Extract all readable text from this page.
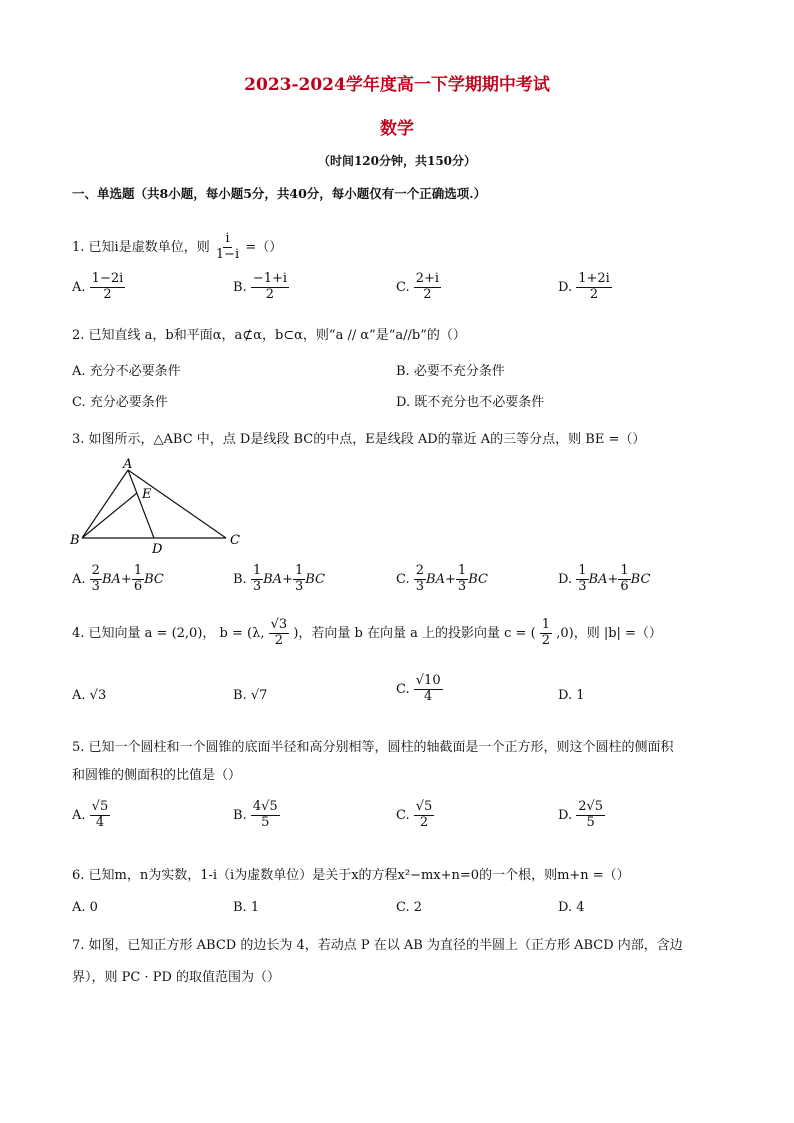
2023-2024学年度高一下学期期中考试
数学
（时间120分钟，共150分）
一、单选题（共8小题，每小题5分，共40分，每小题仅有一个正确选项.）
1. 已知i是虚数单位，则 $\frac{i}{1-i}$ =（）
A. $\frac{1-2i}{2}$	B. $\frac{-1+i}{2}$	C. $\frac{2+i}{2}$	D. $\frac{1+2i}{2}$
2. 已知直线 a，b和平面α，a⊄α，b⊂α，则“a // α”是“a//b”的（）
A. 充分不必要条件	B. 必要不充分条件
C. 充分必要条件	D. 既不充分也不必要条件
3. 如图所示，△ABC 中，点 D是线段 BC的中点，E是线段 AD的靠近 A的三等分点，则 BE =（）
A
B	C
D
E
A. $\frac{2}{3} BA+ \frac{1}{6}$ BC	B. $\frac{1}{3} BA+ \frac{1}{3}$ BC	C. $\frac{2}{3} BA+ \frac{1}{3}$ BC	D. $\frac{1}{3} BA+ \frac{1}{6}$ BC
4. 已知向量 a = (2,0)， b = (λ, $\frac{√3}{2}$ )，若向量 b 在向量 a 上的投影向量 c = ( $\frac{1}{2} ,0$)，则 |b| =（）
A. √3	B. √7	C. $\frac{√10}{4}$	D. 1
5. 已知一个圆柱和一个圆锥的底面半径和高分别相等，圆柱的轴截面是一个正方形，则这个圆柱的侧面积
和圆锥的侧面积的比值是（）
A. $\frac{√5}{4}$	B. $\frac{4√5}{5}$	C. $\frac{√5}{2}$	D. $\frac{2√5}{5}$
6. 已知m，n为实数，1-i（i为虚数单位）是关于x的方程x²−mx+n=0的一个根，则m+n =（）
A. 0	B. 1	C. 2	D. 4
7. 如图，已知正方形 ABCD 的边长为 4，若动点 P 在以 AB 为直径的半圆上（正方形 ABCD 内部，含边
界），则 PC · PD 的取值范围为（）
